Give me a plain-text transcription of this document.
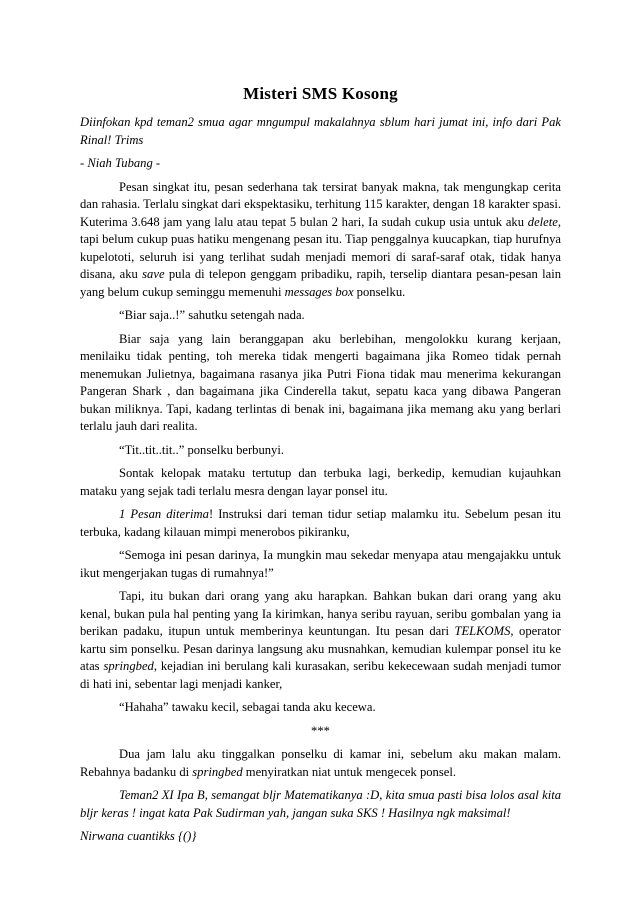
Misteri SMS Kosong

Diinfokan kpd teman2 smua agar mngumpul makalahnya sblum hari jumat ini, info dari Pak Rinal! Trims

- Niah Tubang -

Pesan singkat itu, pesan sederhana tak tersirat banyak makna, tak mengungkap cerita dan rahasia. Terlalu singkat dari ekspektasiku, terhitung 115 karakter, dengan 18 karakter spasi. Kuterima 3.648 jam yang lalu atau tepat 5 bulan 2 hari, Ia sudah cukup usia untuk aku delete, tapi belum cukup puas hatiku mengenang pesan itu. Tiap penggalnya kuucapkan, tiap hurufnya kupelototi, seluruh isi yang terlihat sudah menjadi memori di saraf-saraf otak, tidak hanya disana, aku save pula di telepon genggam pribadiku, rapih, terselip diantara pesan-pesan lain yang belum cukup seminggu memenuhi messages box ponselku.

“Biar saja..!” sahutku setengah nada.

Biar saja yang lain beranggapan aku berlebihan, mengolokku kurang kerjaan, menilaiku tidak penting, toh mereka tidak mengerti bagaimana jika Romeo tidak pernah menemukan Julietnya, bagaimana rasanya jika Putri Fiona tidak mau menerima kekurangan Pangeran Shark , dan bagaimana jika Cinderella takut, sepatu kaca yang dibawa Pangeran bukan miliknya. Tapi, kadang terlintas di benak ini, bagaimana jika memang aku yang berlari terlalu jauh dari realita.

“Tit..tit..tit..” ponselku berbunyi.

Sontak kelopak mataku tertutup dan terbuka lagi, berkedip, kemudian kujauhkan mataku yang sejak tadi terlalu mesra dengan layar ponsel itu.

1 Pesan diterima! Instruksi dari teman tidur setiap malamku itu. Sebelum pesan itu terbuka, kadang kilauan mimpi menerobos pikiranku,

“Semoga ini pesan darinya, Ia mungkin mau sekedar menyapa atau mengajakku untuk ikut mengerjakan tugas di rumahnya!”

Tapi, itu bukan dari orang yang aku harapkan. Bahkan bukan dari orang yang aku kenal, bukan pula hal penting yang Ia kirimkan, hanya seribu rayuan, seribu gombalan yang ia berikan padaku, itupun untuk memberinya keuntungan. Itu pesan dari TELKOMS, operator kartu sim ponselku. Pesan darinya langsung aku musnahkan, kemudian kulempar ponsel itu ke atas springbed, kejadian ini berulang kali kurasakan, seribu kekecewaan sudah menjadi tumor di hati ini, sebentar lagi menjadi kanker,

“Hahaha” tawaku kecil, sebagai tanda aku kecewa.

***

Dua jam lalu aku tinggalkan ponselku di kamar ini, sebelum aku makan malam. Rebahnya badanku di springbed menyiratkan niat untuk mengecek ponsel.

Teman2 XI Ipa B, semangat bljr Matematikanya :D, kita smua pasti bisa lolos asal kita bljr keras ! ingat kata Pak Sudirman yah, jangan suka SKS ! Hasilnya ngk maksimal!

Nirwana cuantikks {()}
